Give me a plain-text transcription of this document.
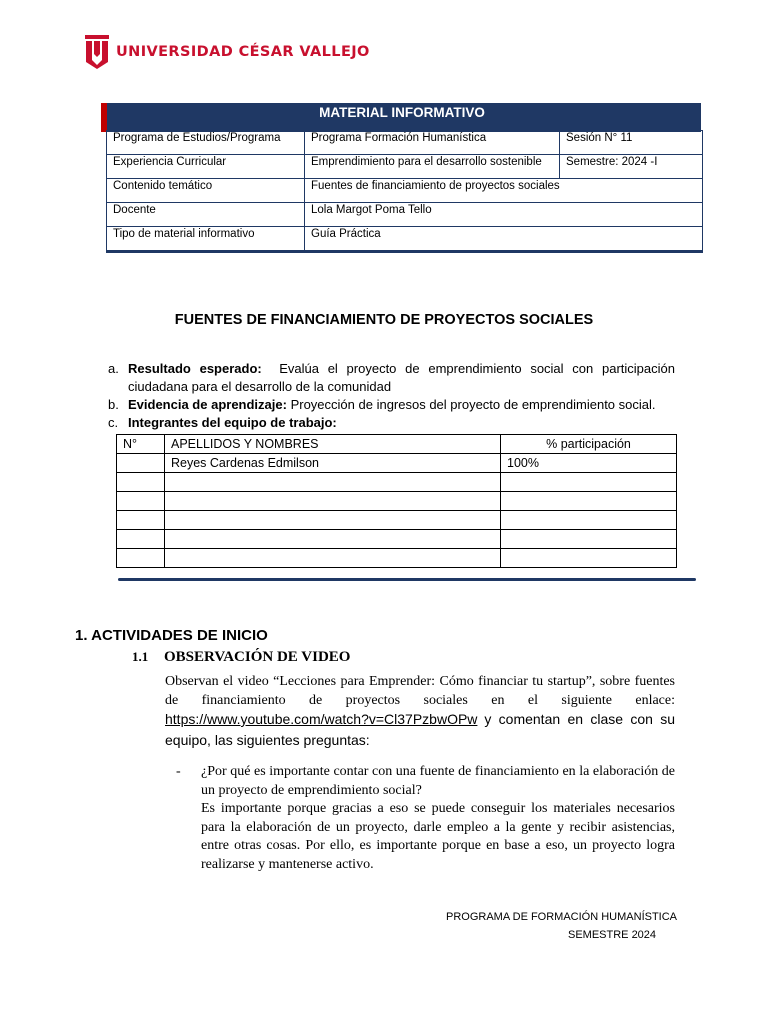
UNIVERSIDAD CÉSAR VALLEJO
MATERIAL INFORMATIVO
Programa de Estudios/Programa	Programa Formación Humanística	Sesión N° 11
Experiencia Curricular	Emprendimiento para el desarrollo sostenible	Semestre: 2024 -I
Contenido temático	Fuentes de financiamiento de proyectos sociales	
Docente	Lola Margot Poma Tello	
Tipo de material informativo	Guía Práctica	
FUENTES DE FINANCIAMIENTO DE PROYECTOS SOCIALES
a. Resultado esperado: Evalúa el proyecto de emprendimiento social con participación ciudadana para el desarrollo de la comunidad
b. Evidencia de aprendizaje: Proyección de ingresos del proyecto de emprendimiento social.
c. Integrantes del equipo de trabajo:
N°	APELLIDOS Y NOMBRES	% participación
	Reyes Cardenas Edmilson	100%

1. ACTIVIDADES DE INICIO
1.1 OBSERVACIÓN DE VIDEO
Observan el video “Lecciones para Emprender: Cómo financiar tu startup”, sobre fuentes de financiamiento de proyectos sociales en el siguiente enlace: https://www.youtube.com/watch?v=Cl37PzbwOPw y comentan en clase con su equipo, las siguientes preguntas:
-	¿Por qué es importante contar con una fuente de financiamiento en la elaboración de un proyecto de emprendimiento social?
Es importante porque gracias a eso se puede conseguir los materiales necesarios para la elaboración de un proyecto, darle empleo a la gente y recibir asistencias, entre otras cosas. Por ello, es importante porque en base a eso, un proyecto logra realizarse y mantenerse activo.
PROGRAMA DE FORMACIÓN HUMANÍSTICA
SEMESTRE 2024
